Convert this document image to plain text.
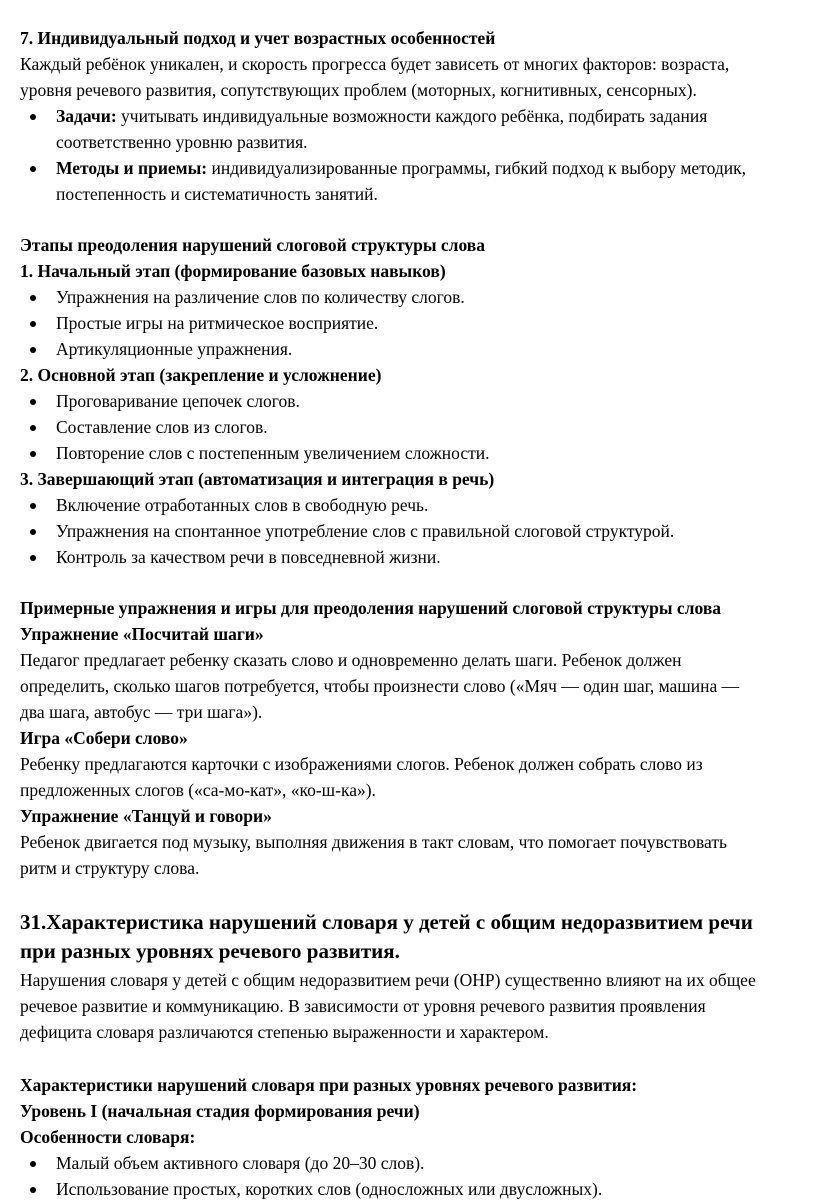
7. Индивидуальный подход и учет возрастных особенностей
Каждый ребёнок уникален, и скорость прогресса будет зависеть от многих факторов: возраста,
уровня речевого развития, сопутствующих проблем (моторных, когнитивных, сенсорных).
Задачи: учитывать индивидуальные возможности каждого ребёнка, подбирать задания
соответственно уровню развития.
Методы и приемы: индивидуализированные программы, гибкий подход к выбору методик,
постепенность и систематичность занятий.
Этапы преодоления нарушений слоговой структуры слова
1. Начальный этап (формирование базовых навыков)
Упражнения на различение слов по количеству слогов.
Простые игры на ритмическое восприятие.
Артикуляционные упражнения.
2. Основной этап (закрепление и усложнение)
Проговаривание цепочек слогов.
Составление слов из слогов.
Повторение слов с постепенным увеличением сложности.
3. Завершающий этап (автоматизация и интеграция в речь)
Включение отработанных слов в свободную речь.
Упражнения на спонтанное употребление слов с правильной слоговой структурой.
Контроль за качеством речи в повседневной жизни.
Примерные упражнения и игры для преодоления нарушений слоговой структуры слова
Упражнение «Посчитай шаги»
Педагог предлагает ребенку сказать слово и одновременно делать шаги. Ребенок должен
определить, сколько шагов потребуется, чтобы произнести слово («Мяч — один шаг, машина —
два шага, автобус — три шага»).
Игра «Собери слово»
Ребенку предлагаются карточки с изображениями слогов. Ребенок должен собрать слово из
предложенных слогов («са-мо-кат», «ко-ш-ка»).
Упражнение «Танцуй и говори»
Ребенок двигается под музыку, выполняя движения в такт словам, что помогает почувствовать
ритм и структуру слова.
31.Характеристика нарушений словаря у детей с общим недоразвитием речи
при разных уровнях речевого развития.
Нарушения словаря у детей с общим недоразвитием речи (ОНР) существенно влияют на их общее
речевое развитие и коммуникацию. В зависимости от уровня речевого развития проявления
дефицита словаря различаются степенью выраженности и характером.
Характеристики нарушений словаря при разных уровнях речевого развития:
Уровень I (начальная стадия формирования речи)
Особенности словаря:
Малый объем активного словаря (до 20–30 слов).
Использование простых, коротких слов (односложных или двусложных).
